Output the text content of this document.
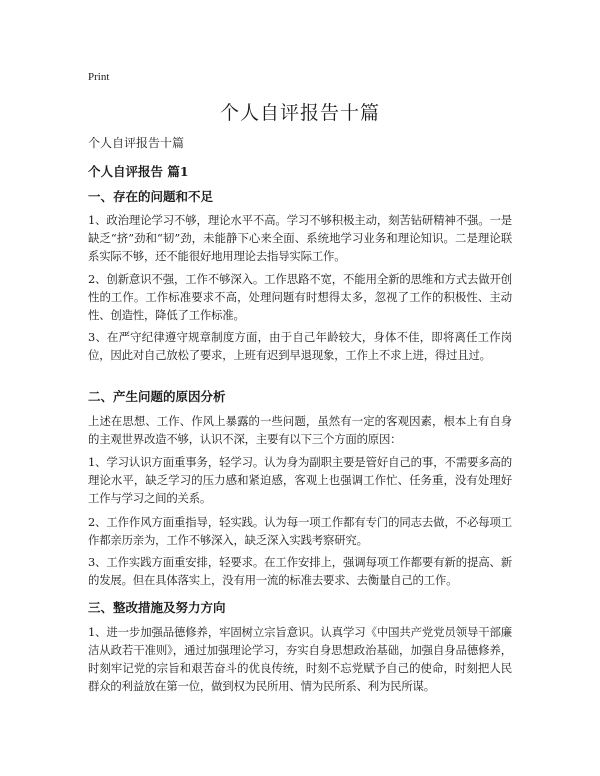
Print
个人自评报告十篇
个人自评报告十篇
个人自评报告 篇1
一、存在的问题和不足

1、政治理论学习不够，理论水平不高。学习不够积极主动，刻苦钻研精神不强。一是缺乏“挤”劲和“韧”劲，未能静下心来全面、系统地学习业务和理论知识。二是理论联系实际不够，还不能很好地用理论去指导实际工作。

2、创新意识不强，工作不够深入。工作思路不宽，不能用全新的思维和方式去做开创性的工作。工作标准要求不高，处理问题有时想得太多，忽视了工作的积极性、主动性、创造性，降低了工作标准。

3、在严守纪律遵守规章制度方面，由于自己年龄较大，身体不佳，即将离任工作岗位，因此对自己放松了要求，上班有迟到早退现象，工作上不求上进，得过且过。

二、产生问题的原因分析

上述在思想、工作、作风上暴露的一些问题，虽然有一定的客观因素，根本上有自身的主观世界改造不够，认识不深，主要有以下三个方面的原因：

1、学习认识方面重事务，轻学习。认为身为副职主要是管好自己的事，不需要多高的理论水平，缺乏学习的压力感和紧迫感，客观上也强调工作忙、任务重，没有处理好工作与学习之间的关系。

2、工作作风方面重指导，轻实践。认为每一项工作都有专门的同志去做，不必每项工作都亲历亲为，工作不够深入，缺乏深入实践考察研究。

3、工作实践方面重安排，轻要求。在工作安排上，强调每项工作都要有新的提高、新的发展。但在具体落实上，没有用一流的标准去要求、去衡量自己的工作。

三、整改措施及努力方向

1、进一步加强品德修养，牢固树立宗旨意识。认真学习《中国共产党党员领导干部廉洁从政若干准则》，通过加强理论学习，夯实自身思想政治基础，加强自身品德修养，时刻牢记党的宗旨和艰苦奋斗的优良传统，时刻不忘党赋予自己的使命，时刻把人民群众的利益放在第一位，做到权为民所用、情为民所系、利为民所谋。
